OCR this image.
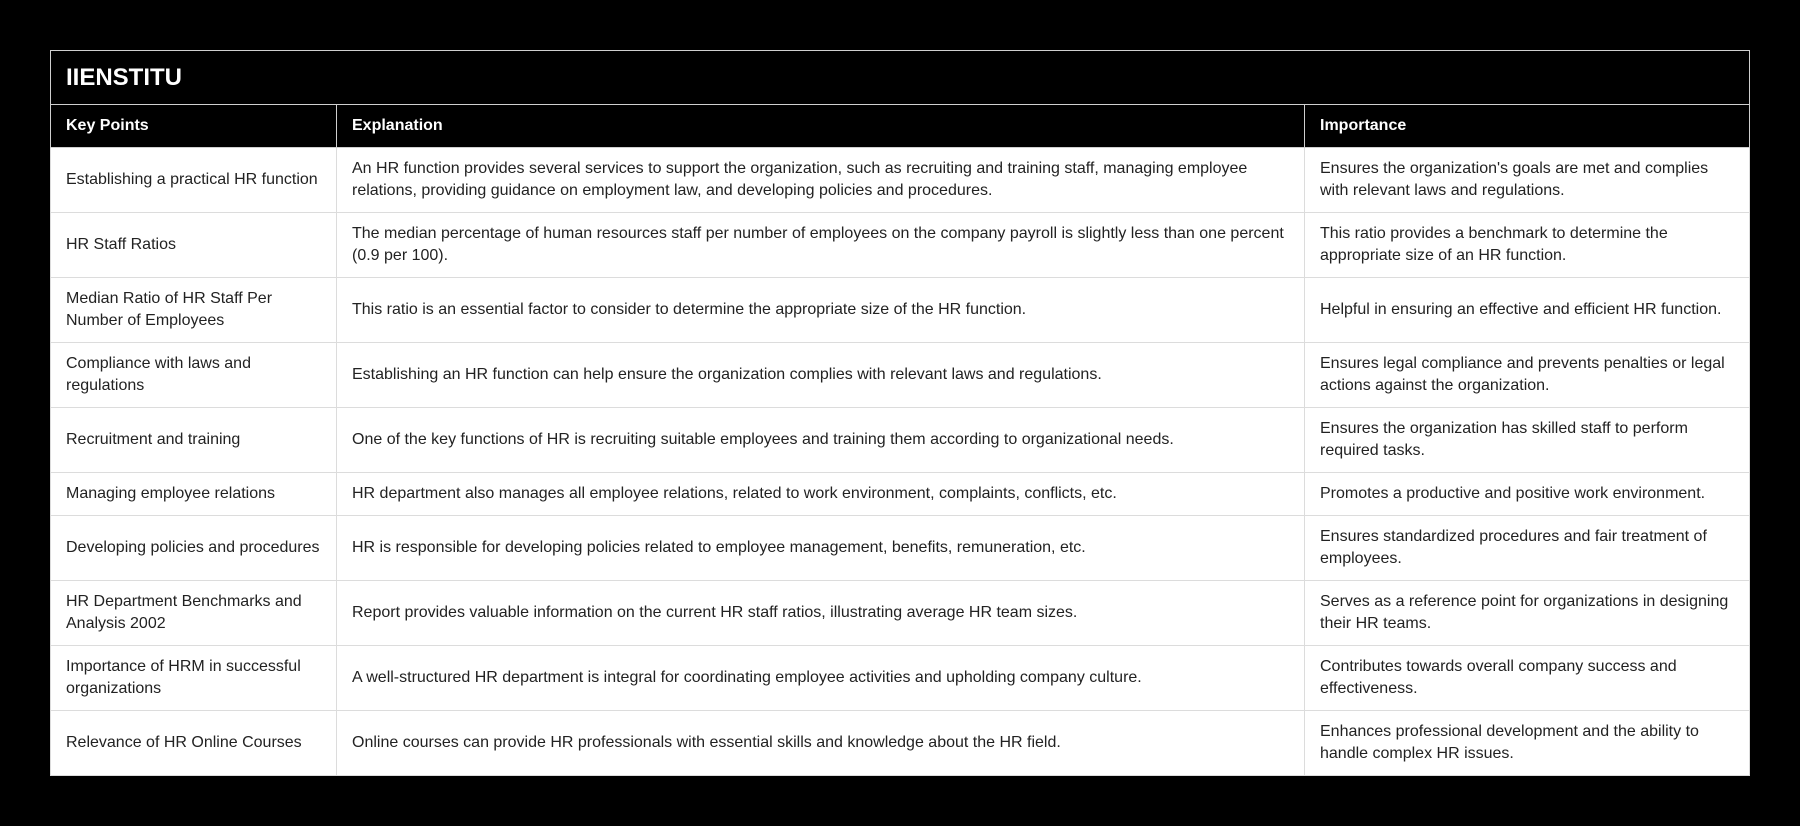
IIENSTITU
Key Points	Explanation	Importance
Establishing a practical HR function	An HR function provides several services to support the organization, such as recruiting and training staff, managing employee relations, providing guidance on employment law, and developing policies and procedures.	Ensures the organization's goals are met and complies with relevant laws and regulations.
HR Staff Ratios	The median percentage of human resources staff per number of employees on the company payroll is slightly less than one percent (0.9 per 100).	This ratio provides a benchmark to determine the appropriate size of an HR function.
Median Ratio of HR Staff Per Number of Employees	This ratio is an essential factor to consider to determine the appropriate size of the HR function.	Helpful in ensuring an effective and efficient HR function.
Compliance with laws and regulations	Establishing an HR function can help ensure the organization complies with relevant laws and regulations.	Ensures legal compliance and prevents penalties or legal actions against the organization.
Recruitment and training	One of the key functions of HR is recruiting suitable employees and training them according to organizational needs.	Ensures the organization has skilled staff to perform required tasks.
Managing employee relations	HR department also manages all employee relations, related to work environment, complaints, conflicts, etc.	Promotes a productive and positive work environment.
Developing policies and procedures	HR is responsible for developing policies related to employee management, benefits, remuneration, etc.	Ensures standardized procedures and fair treatment of employees.
HR Department Benchmarks and Analysis 2002	Report provides valuable information on the current HR staff ratios, illustrating average HR team sizes.	Serves as a reference point for organizations in designing their HR teams.
Importance of HRM in successful organizations	A well-structured HR department is integral for coordinating employee activities and upholding company culture.	Contributes towards overall company success and effectiveness.
Relevance of HR Online Courses	Online courses can provide HR professionals with essential skills and knowledge about the HR field.	Enhances professional development and the ability to handle complex HR issues.
